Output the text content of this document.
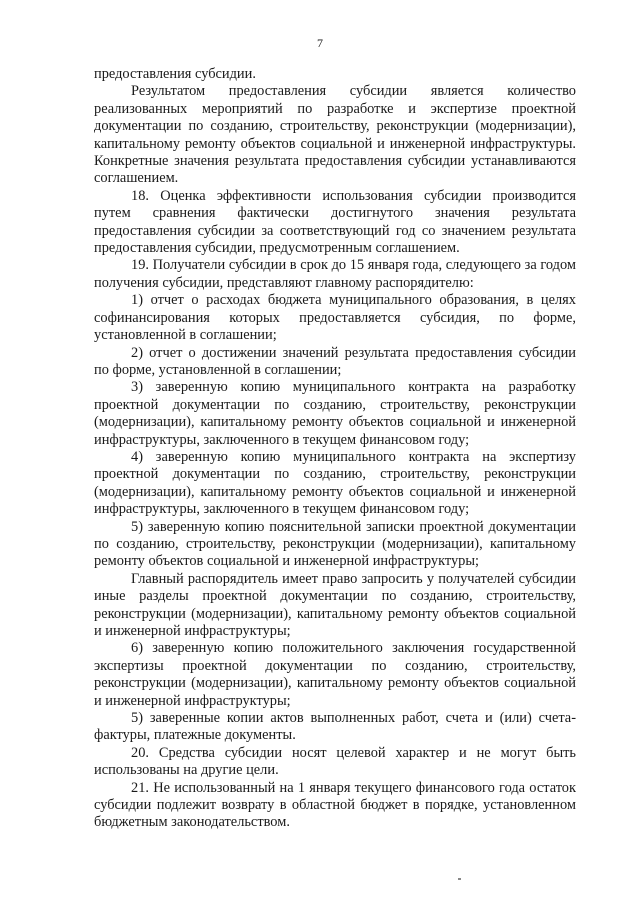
7

предоставления субсидии.

Результатом предоставления субсидии является количество реализованных мероприятий по разработке и экспертизе проектной документации по созданию, строительству, реконструкции (модернизации), капитальному ремонту объектов социальной и инженерной инфраструктуры. Конкретные значения результата предоставления субсидии устанавливаются соглашением.

18. Оценка эффективности использования субсидии производится путем сравнения фактически достигнутого значения результата предоставления субсидии за соответствующий год со значением результата предоставления субсидии, предусмотренным соглашением.

19. Получатели субсидии в срок до 15 января года, следующего за годом получения субсидии, представляют главному распорядителю:

1) отчет о расходах бюджета муниципального образования, в целях софинансирования которых предоставляется субсидия, по форме, установленной в соглашении;

2) отчет о достижении значений результата предоставления субсидии по форме, установленной в соглашении;

3) заверенную копию муниципального контракта на разработку проектной документации по созданию, строительству, реконструкции (модернизации), капитальному ремонту объектов социальной и инженерной инфраструктуры, заключенного в текущем финансовом году;

4) заверенную копию муниципального контракта на экспертизу проектной документации по созданию, строительству, реконструкции (модернизации), капитальному ремонту объектов социальной и инженерной инфраструктуры, заключенного в текущем финансовом году;

5) заверенную копию пояснительной записки проектной документации по созданию, строительству, реконструкции (модернизации), капитальному ремонту объектов социальной и инженерной инфраструктуры;

Главный распорядитель имеет право запросить у получателей субсидии иные разделы проектной документации по созданию, строительству, реконструкции (модернизации), капитальному ремонту объектов социальной и инженерной инфраструктуры;

6) заверенную копию положительного заключения государственной экспертизы проектной документации по созданию, строительству, реконструкции (модернизации), капитальному ремонту объектов социальной и инженерной инфраструктуры;

5) заверенные копии актов выполненных работ, счета и (или) счета-фактуры, платежные документы.

20. Средства субсидии носят целевой характер и не могут быть использованы на другие цели.

21. Не использованный на 1 января текущего финансового года остаток субсидии подлежит возврату в областной бюджет в порядке, установленном бюджетным законодательством.
